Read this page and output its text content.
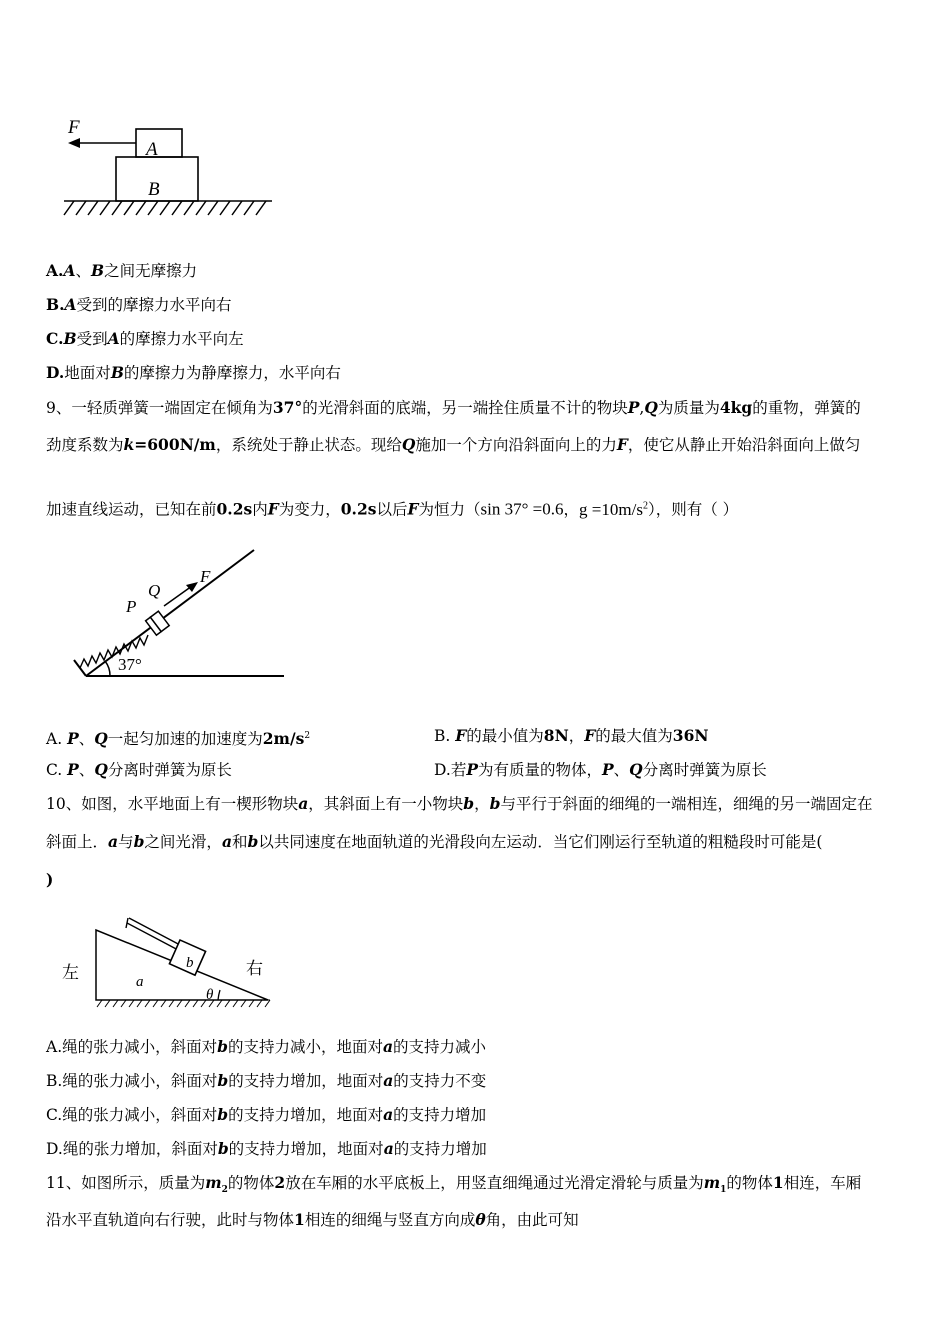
F
A
B
A.A、B之间无摩擦力
B.A受到的摩擦力水平向右
C.B受到A的摩擦力水平向左
D.地面对B的摩擦力为静摩擦力，水平向右
9、一轻质弹簧一端固定在倾角为37°的光滑斜面的底端，另一端拴住质量不计的物块P,Q为质量为4kg的重物，弹簧的
劲度系数为k=600N/m，系统处于静止状态。现给Q施加一个方向沿斜面向上的力F，使它从静止开始沿斜面向上做匀
加速直线运动，已知在前0.2s内F为变力，0.2s以后F为恒力（sin 37° =0.6，$g =10m/s^2$），则有（ ）
37°
P
Q
F
A. P、Q一起匀加速的加速度为$2m/s^2$	B. F的最小值为8N，F的最大值为36N
C. P、Q分离时弹簧为原长	D.若P为有质量的物体，P、Q分离时弹簧为原长
10、如图，水平地面上有一楔形物块a，其斜面上有一小物块b，b与平行于斜面的细绳的一端相连，细绳的另一端固定在
斜面上．a与b之间光滑，a和b以共同速度在地面轨道的光滑段向左运动．当它们刚运行至轨道的粗糙段时可能是(
)
左	右
b
a
θ
A.绳的张力减小，斜面对b的支持力减小，地面对a的支持力减小
B.绳的张力减小，斜面对b的支持力增加，地面对a的支持力不变
C.绳的张力减小，斜面对b的支持力增加，地面对a的支持力增加
D.绳的张力增加，斜面对b的支持力增加，地面对a的支持力增加
11、如图所示，质量为$m_2$的物体2放在车厢的水平底板上，用竖直细绳通过光滑定滑轮与质量为$m_1$的物体1相连，车厢
沿水平直轨道向右行驶，此时与物体1相连的细绳与竖直方向成θ角，由此可知
